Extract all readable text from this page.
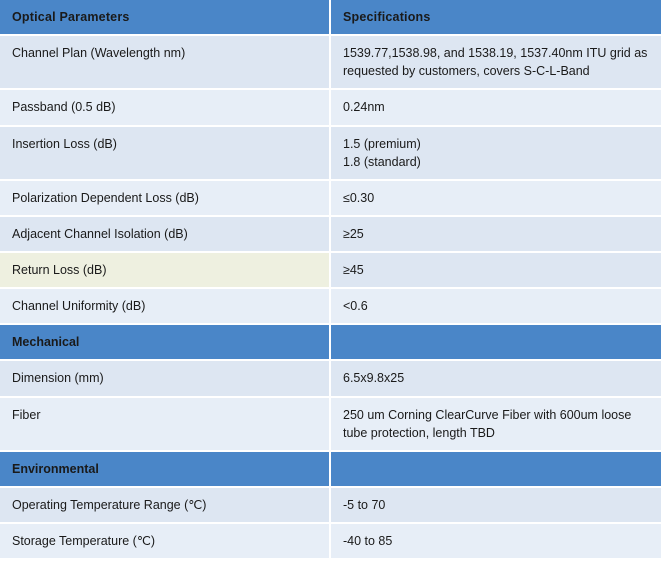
Optical Parameters	Specifications
Channel Plan (Wavelength nm)	1539.77,1538.98, and 1538.19, 1537.40nm ITU grid as requested by customers, covers S-C-L-Band
Passband (0.5 dB)	0.24nm
Insertion Loss (dB)	1.5 (premium)
1.8 (standard)
Polarization Dependent Loss (dB)	≤0.30
Adjacent Channel Isolation (dB)	≥25
Return Loss (dB)	≥45
Channel Uniformity (dB)	<0.6
Mechanical	
Dimension (mm)	6.5x9.8x25
Fiber	250 um Corning ClearCurve Fiber with 600um loose tube protection, length TBD
Environmental	
Operating Temperature Range (℃)	-5 to 70
Storage Temperature (℃)	-40 to 85
